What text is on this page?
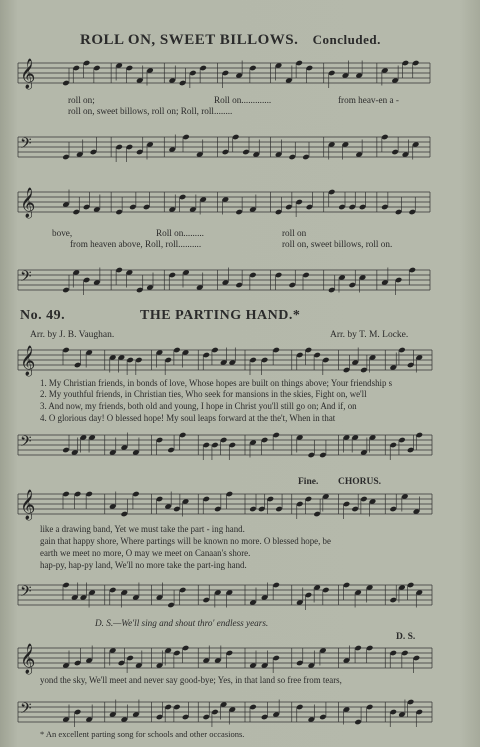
ROLL ON, SWEET BILLOWS. Concluded.
𝄞
𝄢
roll on;	Roll on.............	from heav-en a -
roll on, sweet billows, roll on; Roll, roll........
𝄞
𝄢
bove,	Roll on.........	roll on
from heaven above, Roll, roll..........	roll on, sweet billows, roll on.
No. 49.	THE PARTING HAND.*
Arr. by J. B. Vaughan.	Arr. by T. M. Locke.
𝄞
𝄢
1. My Christian friends, in bonds of love, Whose hopes are built on things above; Your friendship s
2. My youthful friends, in Christian ties, Who seek for mansions in the skies, Fight on, we'll
3. And now, my friends, both old and young, I hope in Christ you'll still go on; And if, on
4. O glorious day! O blessed hope! My soul leaps forward at the the't, When in that
Fine. CHORUS.
𝄞
𝄢
like a drawing band, Yet we must take the part - ing hand.
gain that happy shore, Where partings will be known no more. O blessed hope, be
earth we meet no more, O may we meet on Canaan's shore.
hap-py, hap-py land, We'll no more take the part-ing hand.
D. S.—We'll sing and shout thro' endless years.
D. S.
𝄞
𝄢
yond the sky, We'll meet and never say good-bye; Yes, in that land so free from tears,
* An excellent parting song for schools and other occasions.
